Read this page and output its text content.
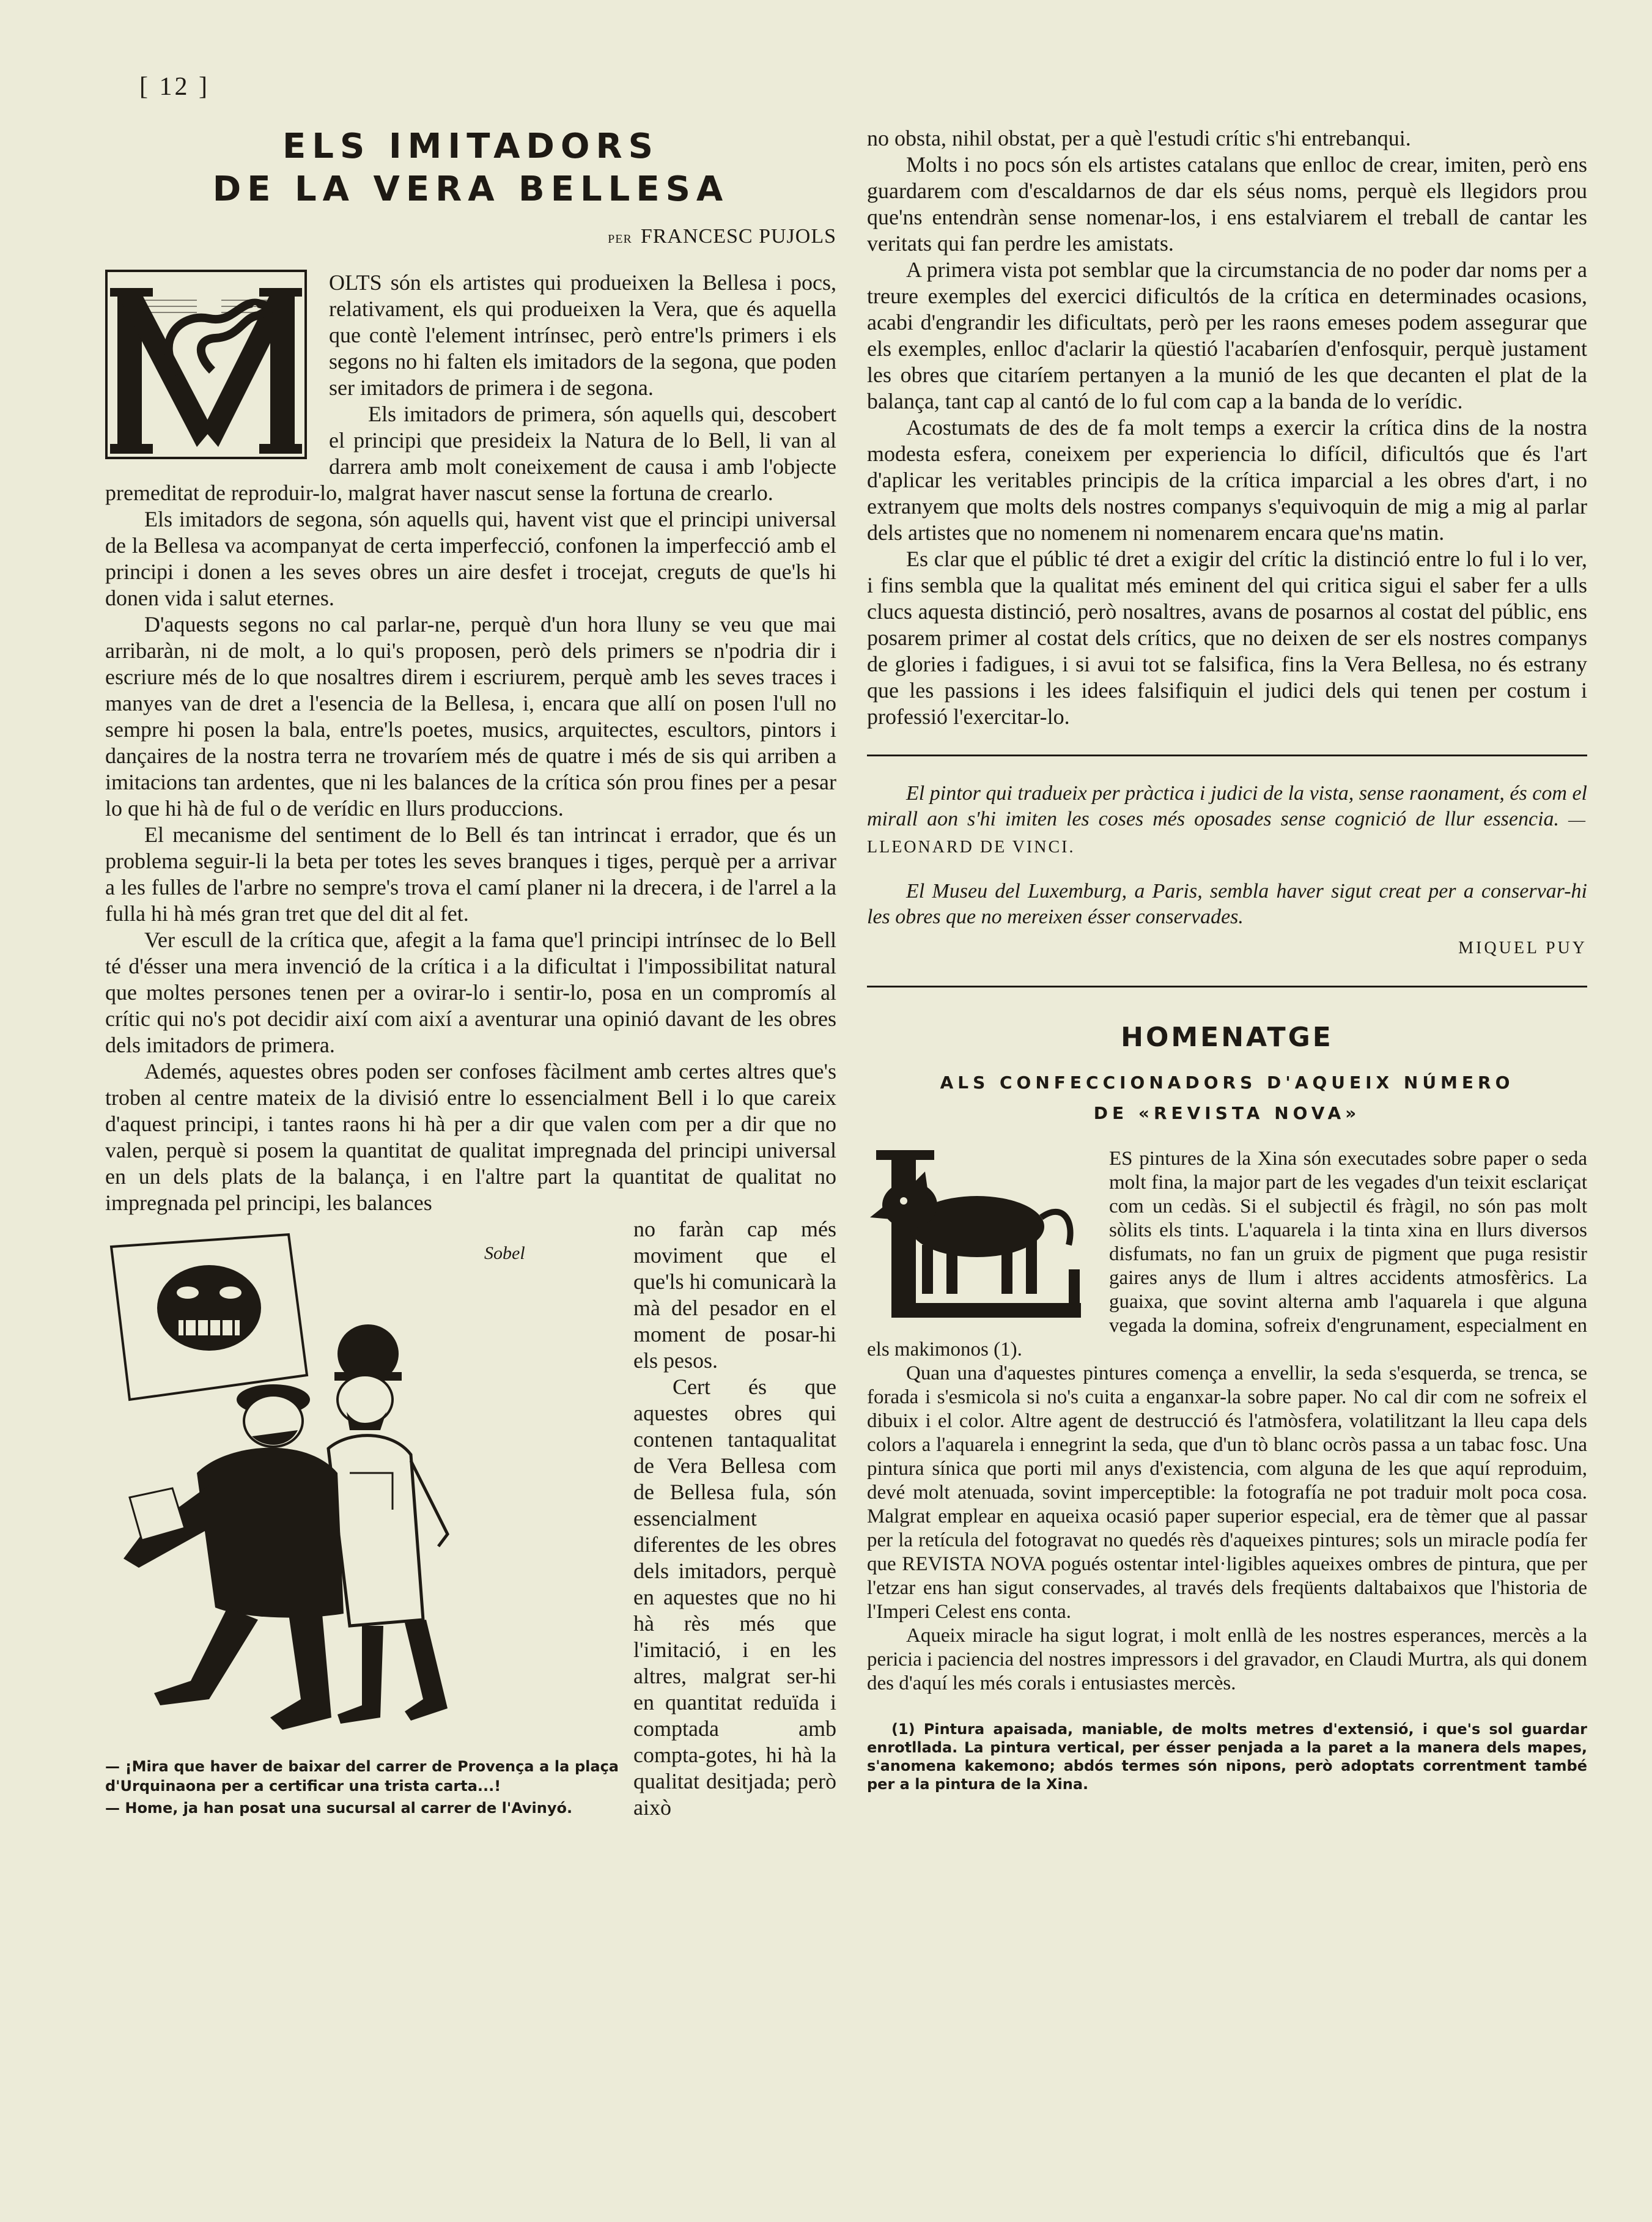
[ 12 ]
ELS IMITADORS
DE LA VERA BELLESA
PER FRANCESC PUJOLS

OLTS són els artistes qui produeixen la Bellesa i pocs, relativament, els qui produeixen la Vera, que és aquella que contè l'element intrínsec, però entre'ls primers i els segons no hi falten els imitadors de la segona, que poden ser imitadors de primera i de segona.

Els imitadors de primera, són aquells qui, descobert el principi que presideix la Natura de lo Bell, li van al darrera amb molt coneixement de causa i amb l'objecte premeditat de reproduir-lo, malgrat haver nascut sense la fortuna de crearlo.

Els imitadors de segona, són aquells qui, havent vist que el principi universal de la Bellesa va acompanyat de certa imperfecció, confonen la imperfecció amb el principi i donen a les seves obres un aire desfet i trocejat, creguts de que'ls hi donen vida i salut eternes.

D'aquests segons no cal parlar-ne, perquè d'un hora lluny se veu que mai arribaràn, ni de molt, a lo qui's proposen, però dels primers se n'podria dir i escriure més de lo que nosaltres direm i escriurem, perquè amb les seves traces i manyes van de dret a l'esencia de la Bellesa, i, encara que allí on posen l'ull no sempre hi posen la bala, entre'ls poetes, musics, arquitectes, escultors, pintors i dançaires de la nostra terra ne trovaríem més de quatre i més de sis qui arriben a imitacions tan ardentes, que ni les balances de la crítica són prou fines per a pesar lo que hi hà de ful o de verídic en llurs produccions.

El mecanisme del sentiment de lo Bell és tan intrincat i errador, que és un problema seguir-li la beta per totes les seves branques i tiges, perquè per a arrivar a les fulles de l'arbre no sempre's trova el camí planer ni la drecera, i de l'arrel a la fulla hi hà més gran tret que del dit al fet.

Ver escull de la crítica que, afegit a la fama que'l principi intrínsec de lo Bell té d'ésser una mera invenció de la crítica i a la dificultat i l'impossibilitat natural que moltes persones tenen per a ovirar-lo i sentir-lo, posa en un compromís al crític qui no's pot decidir així com així a aventurar una opinió davant de les obres dels imitadors de primera.

Ademés, aquestes obres poden ser confoses fàcilment amb certes altres que's troben al centre mateix de la divisió entre lo essencialment Bell i lo que careix d'aquest principi, i tantes raons hi hà per a dir que valen com per a dir que no valen, perquè si posem la quantitat de qualitat impregnada del principi universal en un dels plats de la balança, i en l'altre part la quantitat de qualitat no impregnada pel principi, les balances

Sobel
— ¡Mira que haver de baixar del carrer de Provença a la plaça d'Urquinaona per a certificar una trista carta...!
— Home, ja han posat una sucursal al carrer de l'Avinyó.

no faràn cap més moviment que el que'ls hi comunicarà la mà del pesador en el moment de posar-hi els pesos.

Cert és que aquestes obres qui contenen tantaqualitat de Vera Bellesa com de Bellesa fula, són essencialment diferentes de les obres dels imitadors, perquè en aquestes que no hi hà rès més que l'imitació, i en les altres, malgrat ser-hi en quantitat reduïda i comptada amb compta-gotes, hi hà la qualitat desitjada; però això

no obsta, nihil obstat, per a què l'estudi crític s'hi entrebanqui.

Molts i no pocs són els artistes catalans que enlloc de crear, imiten, però ens guardarem com d'escaldarnos de dar els séus noms, perquè els llegidors prou que'ns entendràn sense nomenar-los, i ens estalviarem el treball de cantar les veritats qui fan perdre les amistats.

A primera vista pot semblar que la circumstancia de no poder dar noms per a treure exemples del exercici dificultós de la crítica en determinades ocasions, acabi d'engrandir les dificultats, però per les raons emeses podem assegurar que els exemples, enlloc d'aclarir la qüestió l'acabaríen d'enfosquir, perquè justament les obres que citaríem pertanyen a la munió de les que decanten el plat de la balança, tant cap al cantó de lo ful com cap a la banda de lo verídic.

Acostumats de des de fa molt temps a exercir la crítica dins de la nostra modesta esfera, coneixem per experiencia lo difícil, dificultós que és l'art d'aplicar les veritables principis de la crítica imparcial a les obres d'art, i no extranyem que molts dels nostres companys s'equivoquin de mig a mig al parlar dels artistes que no nomenem ni nomenarem encara que'ns matin.

Es clar que el públic té dret a exigir del crític la distinció entre lo ful i lo ver, i fins sembla que la qualitat més eminent del qui critica sigui el saber fer a ulls clucs aquesta distinció, però nosaltres, avans de posarnos al costat del públic, ens posarem primer al costat dels crítics, que no deixen de ser els nostres companys de glories i fadigues, i si avui tot se falsifica, fins la Vera Bellesa, no és estrany que les passions i les idees falsifiquin el judici dels qui tenen per costum i professió l'exercitar-lo.

El pintor qui tradueix per pràctica i judici de la vista, sense raonament, és com el mirall aon s'hi imiten les coses més oposades sense cognició de llur essencia. — LLEONARD DE VINCI.

El Museu del Luxemburg, a Paris, sembla haver sigut creat per a conservar-hi les obres que no mereixen ésser conservades.

MIQUEL PUY
HOMENATGE
ALS CONFECCIONADORS D'AQUEIX NÚMERO
DE «REVISTA NOVA»

ES pintures de la Xina són executades sobre paper o seda molt fina, la major part de les vegades d'un teixit esclariçat com un cedàs. Si el subjectil és fràgil, no són pas molt sòlits els tints. L'aquarela i la tinta xina en llurs diversos disfumats, no fan un gruix de pigment que puga resistir gaires anys de llum i altres accidents atmosfèrics. La guaixa, que sovint alterna amb l'aquarela i que alguna vegada la domina, sofreix d'engrunament, especialment en els makimonos (1).

Quan una d'aquestes pintures comença a envellir, la seda s'esquerda, se trenca, se forada i s'esmicola si no's cuita a enganxar-la sobre paper. No cal dir com ne sofreix el dibuix i el color. Altre agent de destrucció és l'atmòsfera, volatilitzant la lleu capa dels colors a l'aquarela i ennegrint la seda, que d'un tò blanc ocròs passa a un tabac fosc. Una pintura sínica que porti mil anys d'existencia, com alguna de les que aquí reproduim, devé molt atenuada, sovint imperceptible: la fotografía ne pot traduir molt poca cosa. Malgrat emplear en aqueixa ocasió paper superior especial, era de tèmer que al passar per la retícula del fotogravat no quedés rès d'aqueixes pintures; sols un miracle podía fer que REVISTA NOVA pogués ostentar intel·ligibles aqueixes ombres de pintura, que per l'etzar ens han sigut conservades, al través dels freqüents daltabaixos que l'historia de l'Imperi Celest ens conta.

Aqueix miracle ha sigut lograt, i molt enllà de les nostres esperances, mercès a la pericia i paciencia del nostres impressors i del gravador, en Claudi Murtra, als qui donem des d'aquí les més corals i entusiastes mercès.

(1) Pintura apaisada, maniable, de molts metres d'extensió, i que's sol guardar enrotllada. La pintura vertical, per ésser penjada a la paret a la manera dels mapes, s'anomena kakemono; abdós termes són nipons, però adoptats correntment també per a la pintura de la Xina.
